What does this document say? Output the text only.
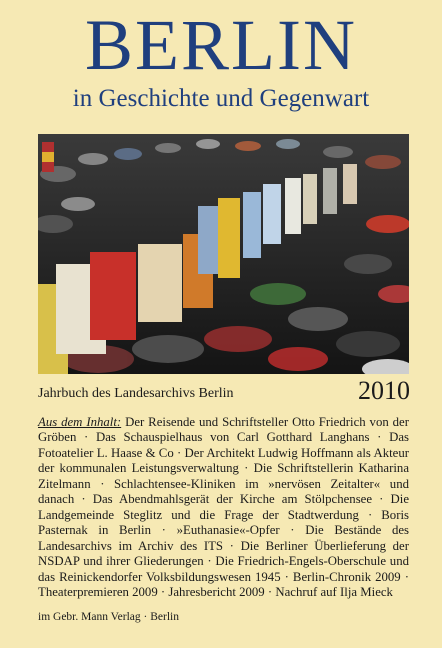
BERLIN
in Geschichte und Gegenwart
Jahrbuch des Landesarchivs Berlin	2010
Aus dem Inhalt: Der Reisende und Schriftsteller Otto Friedrich von der Gröben · Das Schauspielhaus von Carl Gotthard Langhans · Das Fotoatelier L. Haase & Co · Der Architekt Ludwig Hoffmann als Akteur der kommunalen Leistungsverwaltung · Die Schriftstellerin Katharina Zitelmann · Schlachtensee-Kliniken im »nervösen Zeitalter« und danach · Das Abendmahlsgerät der Kirche am Stölpchensee · Die Landgemeinde Steglitz und die Frage der Stadtwerdung · Boris Pasternak in Berlin · »Euthanasie«-Opfer · Die Bestände des Landesarchivs im Archiv des ITS · Die Berliner Überlieferung der NSDAP und ihrer Gliederungen · Die Friedrich-Engels-Oberschule und das Reinickendorfer Volksbildungswesen 1945 · Berlin-Chronik 2009 · Theaterpremieren 2009 · Jahresbericht 2009 · Nachruf auf Ilja Mieck
im Gebr. Mann Verlag · Berlin
